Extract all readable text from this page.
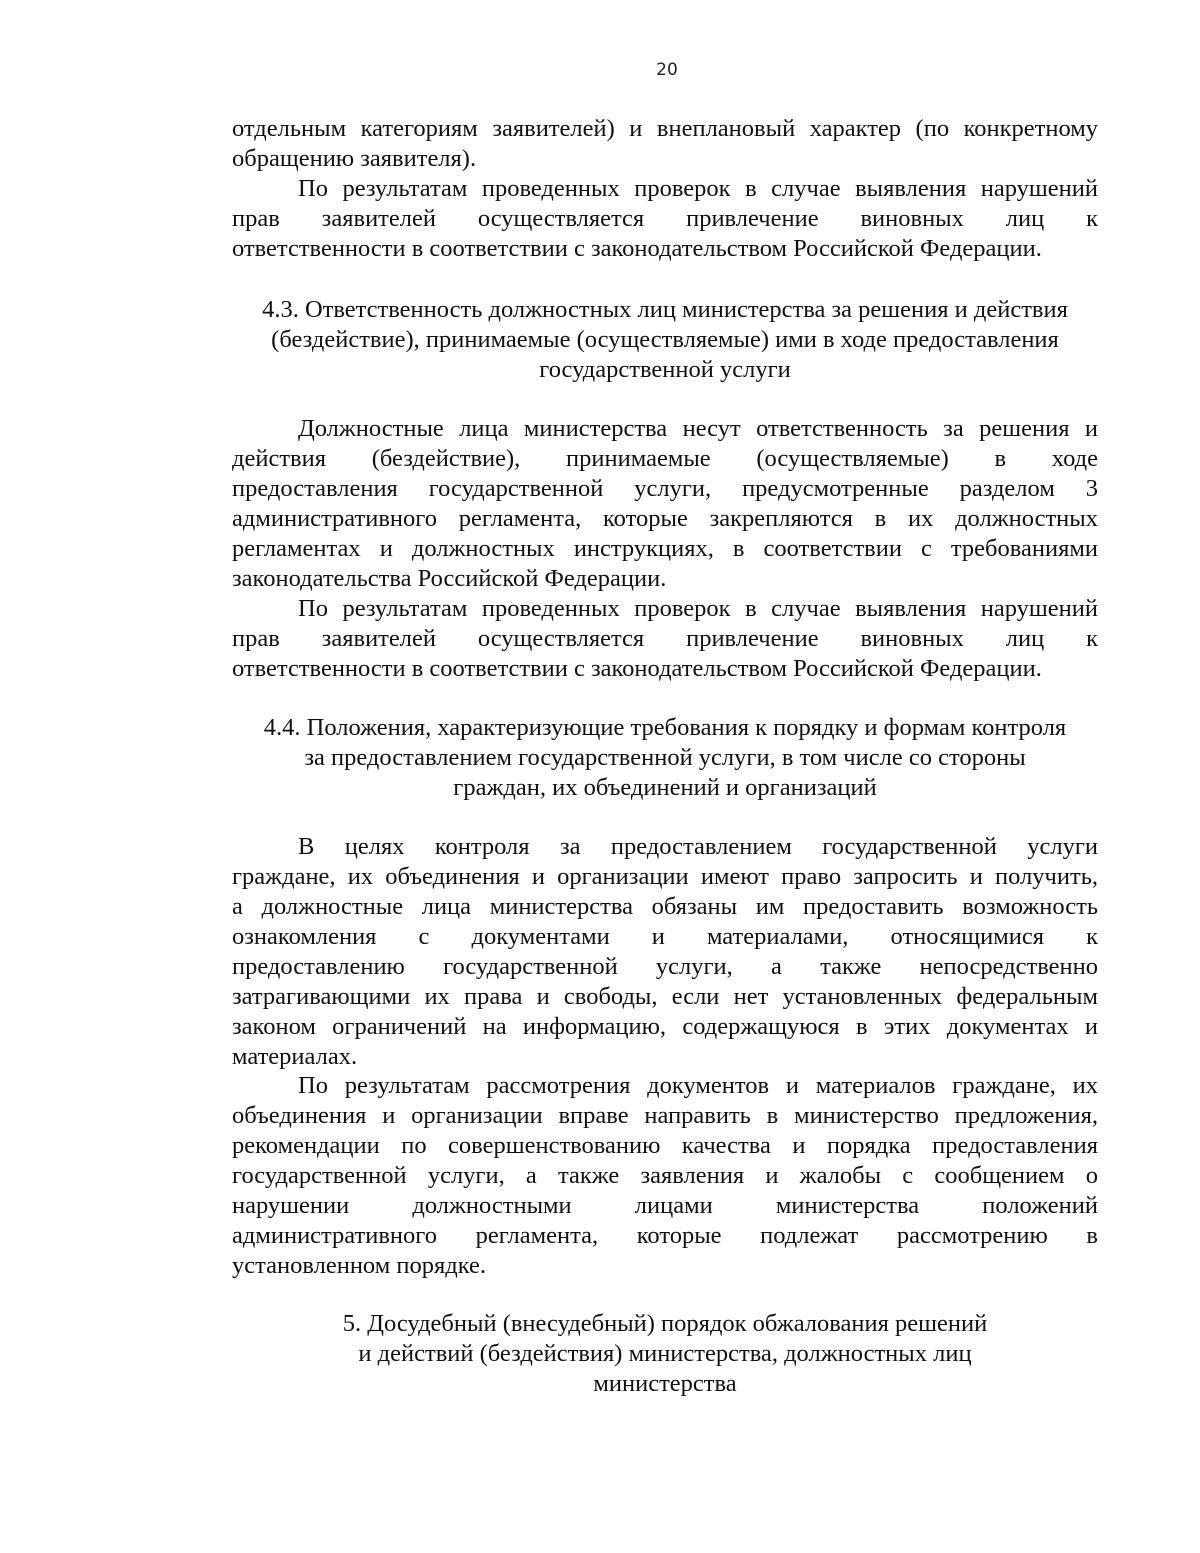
20
отдельным категориям заявителей) и внеплановый характер (по конкретному
обращению заявителя).
По результатам проведенных проверок в случае выявления нарушений
прав заявителей осуществляется привлечение виновных лиц к
ответственности в соответствии с законодательством Российской Федерации.
4.3. Ответственность должностных лиц министерства за решения и действия
(бездействие), принимаемые (осуществляемые) ими в ходе предоставления
государственной услуги
Должностные лица министерства несут ответственность за решения и
действия (бездействие), принимаемые (осуществляемые) в ходе
предоставления государственной услуги, предусмотренные разделом 3
административного регламента, которые закрепляются в их должностных
регламентах и должностных инструкциях, в соответствии с требованиями
законодательства Российской Федерации.
По результатам проведенных проверок в случае выявления нарушений
прав заявителей осуществляется привлечение виновных лиц к
ответственности в соответствии с законодательством Российской Федерации.
4.4. Положения, характеризующие требования к порядку и формам контроля
за предоставлением государственной услуги, в том числе со стороны
граждан, их объединений и организаций
В целях контроля за предоставлением государственной услуги
граждане, их объединения и организации имеют право запросить и получить,
а должностные лица министерства обязаны им предоставить возможность
ознакомления с документами и материалами, относящимися к
предоставлению государственной услуги, а также непосредственно
затрагивающими их права и свободы, если нет установленных федеральным
законом ограничений на информацию, содержащуюся в этих документах и
материалах.
По результатам рассмотрения документов и материалов граждане, их
объединения и организации вправе направить в министерство предложения,
рекомендации по совершенствованию качества и порядка предоставления
государственной услуги, а также заявления и жалобы с сообщением о
нарушении должностными лицами министерства положений
административного регламента, которые подлежат рассмотрению в
установленном порядке.
5. Досудебный (внесудебный) порядок обжалования решений
и действий (бездействия) министерства, должностных лиц
министерства
